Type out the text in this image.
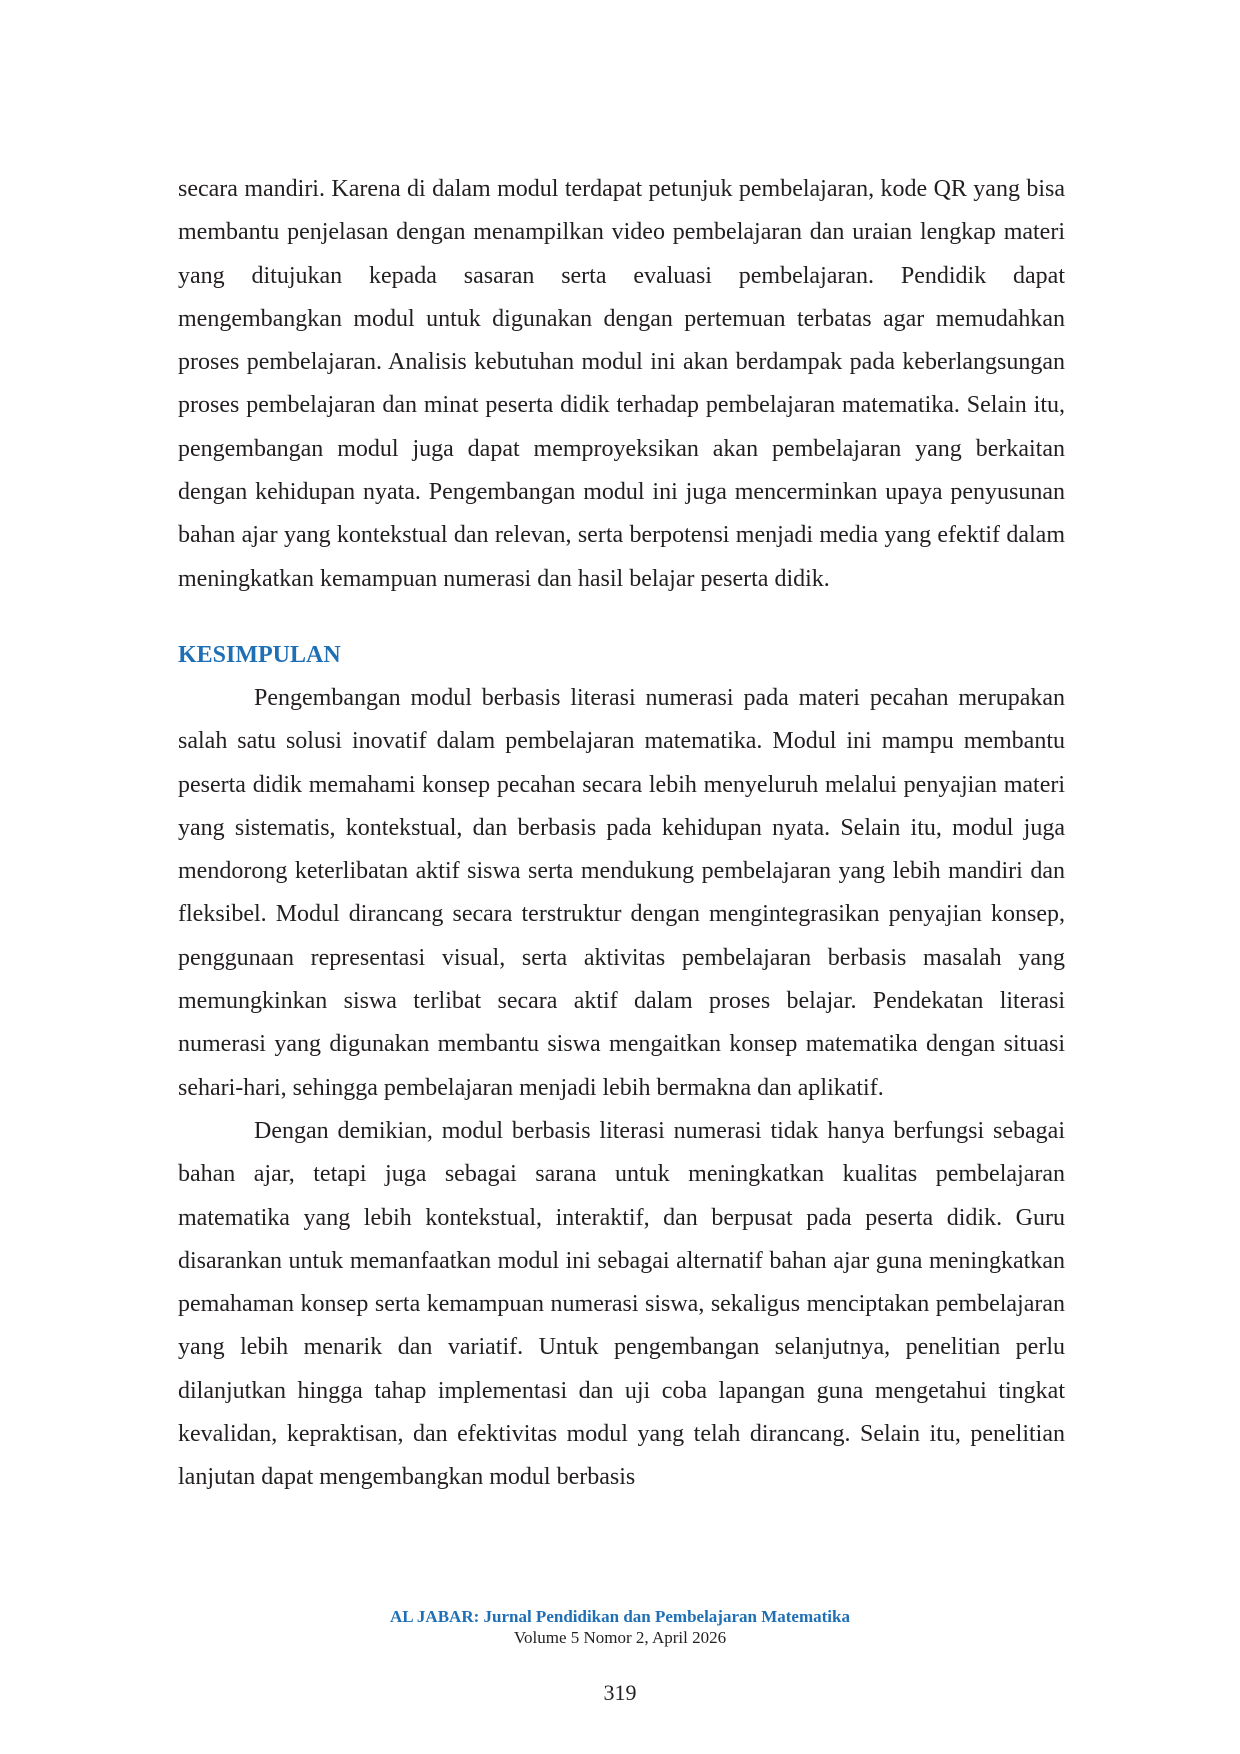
secara mandiri. Karena di dalam modul terdapat petunjuk pembelajaran, kode QR yang bisa membantu penjelasan dengan menampilkan video pembelajaran dan uraian lengkap materi yang ditujukan kepada sasaran serta evaluasi pembelajaran. Pendidik dapat mengembangkan modul untuk digunakan dengan pertemuan terbatas agar memudahkan proses pembelajaran. Analisis kebutuhan modul ini akan berdampak pada keberlangsungan proses pembelajaran dan minat peserta didik terhadap pembelajaran matematika. Selain itu, pengembangan modul juga dapat memproyeksikan akan pembelajaran yang berkaitan dengan kehidupan nyata. Pengembangan modul ini juga mencerminkan upaya penyusunan bahan ajar yang kontekstual dan relevan, serta berpotensi menjadi media yang efektif dalam meningkatkan kemampuan numerasi dan hasil belajar peserta didik.

KESIMPULAN

Pengembangan modul berbasis literasi numerasi pada materi pecahan merupakan salah satu solusi inovatif dalam pembelajaran matematika. Modul ini mampu membantu peserta didik memahami konsep pecahan secara lebih menyeluruh melalui penyajian materi yang sistematis, kontekstual, dan berbasis pada kehidupan nyata. Selain itu, modul juga mendorong keterlibatan aktif siswa serta mendukung pembelajaran yang lebih mandiri dan fleksibel. Modul dirancang secara terstruktur dengan mengintegrasikan penyajian konsep, penggunaan representasi visual, serta aktivitas pembelajaran berbasis masalah yang memungkinkan siswa terlibat secara aktif dalam proses belajar. Pendekatan literasi numerasi yang digunakan membantu siswa mengaitkan konsep matematika dengan situasi sehari-hari, sehingga pembelajaran menjadi lebih bermakna dan aplikatif.

Dengan demikian, modul berbasis literasi numerasi tidak hanya berfungsi sebagai bahan ajar, tetapi juga sebagai sarana untuk meningkatkan kualitas pembelajaran matematika yang lebih kontekstual, interaktif, dan berpusat pada peserta didik. Guru disarankan untuk memanfaatkan modul ini sebagai alternatif bahan ajar guna meningkatkan pemahaman konsep serta kemampuan numerasi siswa, sekaligus menciptakan pembelajaran yang lebih menarik dan variatif. Untuk pengembangan selanjutnya, penelitian perlu dilanjutkan hingga tahap implementasi dan uji coba lapangan guna mengetahui tingkat kevalidan, kepraktisan, dan efektivitas modul yang telah dirancang. Selain itu, penelitian lanjutan dapat mengembangkan modul berbasis

AL JABAR: Jurnal Pendidikan dan Pembelajaran Matematika
Volume 5 Nomor 2, April 2026
319
